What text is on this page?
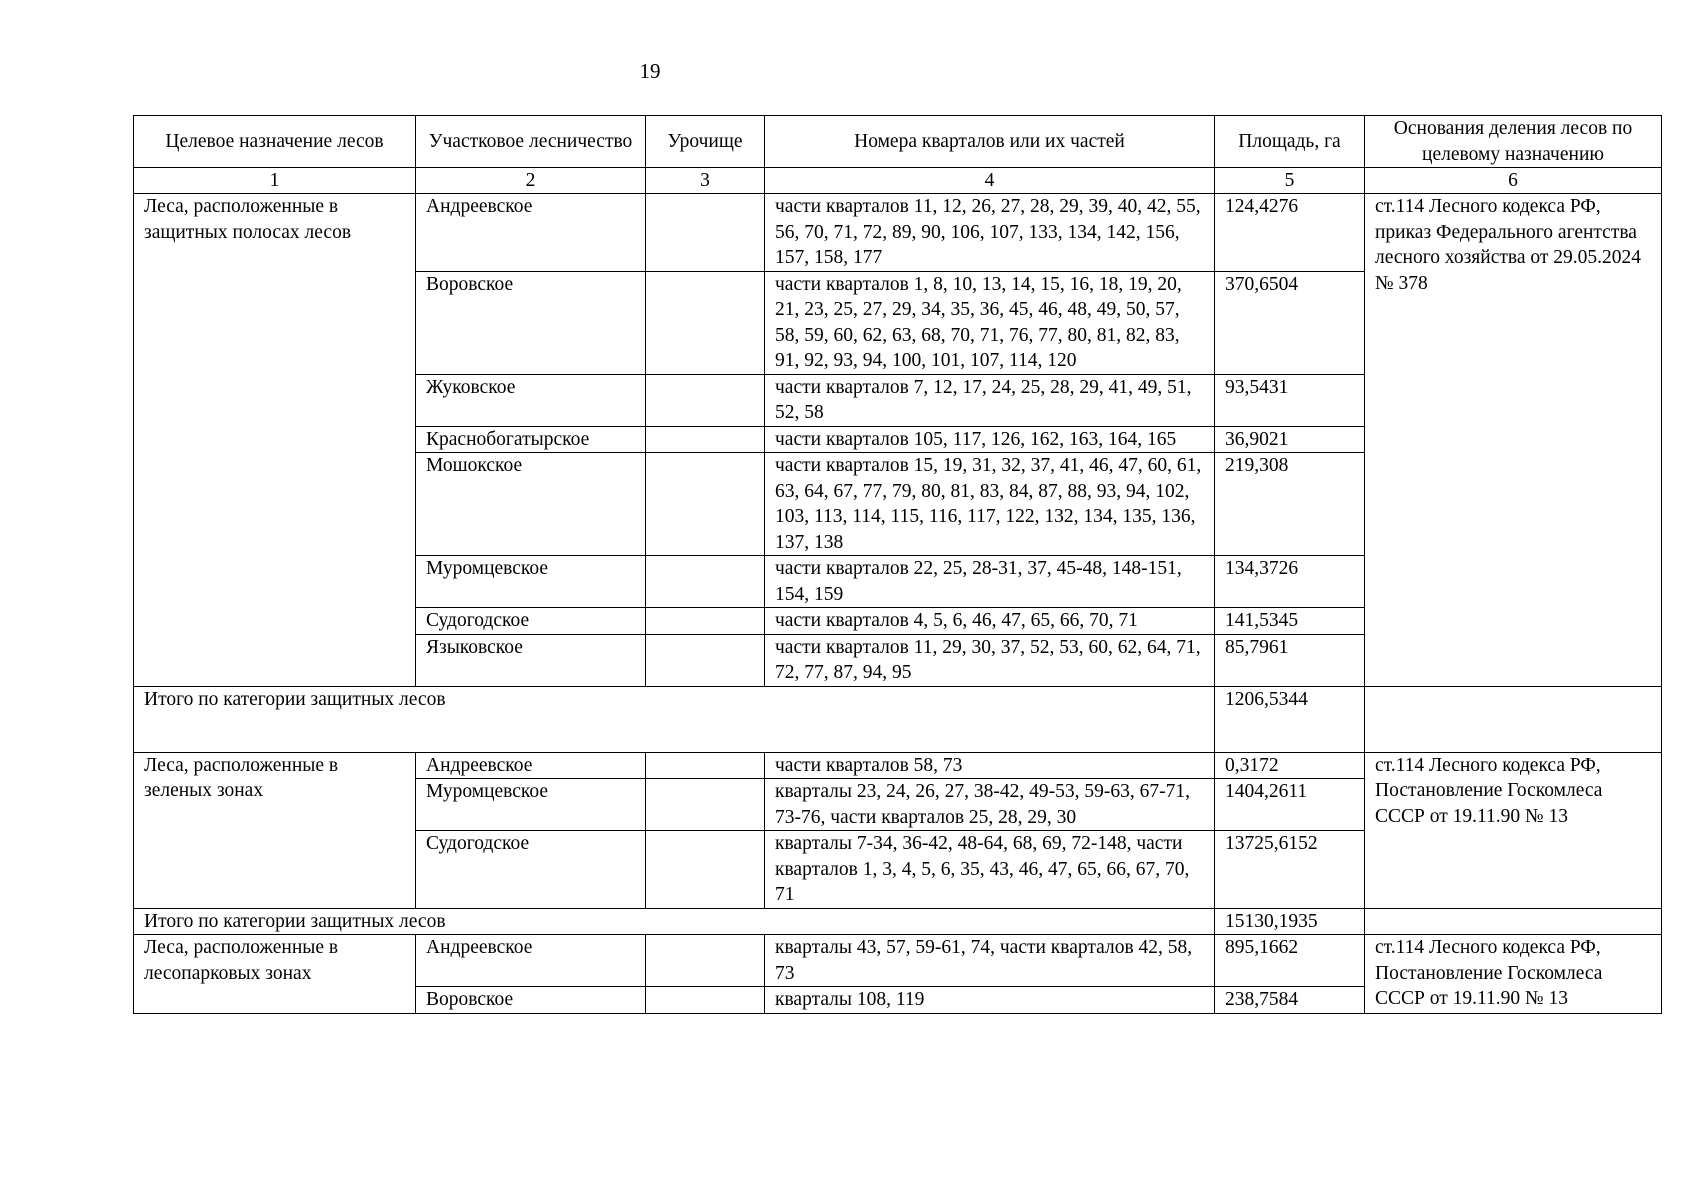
19
Целевое назначение лесов	Участковое лесничество	Урочище	Номера кварталов или их частей	Площадь, га	Основания деления лесов по целевому назначению
1	2	3	4	5	6
Леса, расположенные в защитных полосах лесов	Андреевское		части кварталов 11, 12, 26, 27, 28, 29, 39, 40, 42, 55, 56, 70, 71, 72, 89, 90, 106, 107, 133, 134, 142, 156, 157, 158, 177	124,4276	ст.114 Лесного кодекса РФ, приказ Федерального агентства лесного хозяйства от 29.05.2024 № 378
	Воровское		части кварталов 1, 8, 10, 13, 14, 15, 16, 18, 19, 20, 21, 23, 25, 27, 29, 34, 35, 36, 45, 46, 48, 49, 50, 57, 58, 59, 60, 62, 63, 68, 70, 71, 76, 77, 80, 81, 82, 83, 91, 92, 93, 94, 100, 101, 107, 114, 120	370,6504	
	Жуковское		части кварталов 7, 12, 17, 24, 25, 28, 29, 41, 49, 51, 52, 58	93,5431	
	Краснобогатырское		части кварталов 105, 117, 126, 162, 163, 164, 165	36,9021	
	Мошокское		части кварталов 15, 19, 31, 32, 37, 41, 46, 47, 60, 61, 63, 64, 67, 77, 79, 80, 81, 83, 84, 87, 88, 93, 94, 102, 103, 113, 114, 115, 116, 117, 122, 132, 134, 135, 136, 137, 138	219,308	
	Муромцевское		части кварталов 22, 25, 28-31, 37, 45-48, 148-151, 154, 159	134,3726	
	Судогодское		части кварталов 4, 5, 6, 46, 47, 65, 66, 70, 71	141,5345	
	Языковское		части кварталов 11, 29, 30, 37, 52, 53, 60, 62, 64, 71, 72, 77, 87, 94, 95	85,7961	
Итого по категории защитных лесов				1206,5344	
Леса, расположенные в зеленых зонах	Андреевское		части кварталов 58, 73	0,3172	ст.114 Лесного кодекса РФ, Постановление Госкомлеса СССР от 19.11.90 № 13
	Муромцевское		кварталы 23, 24, 26, 27, 38-42, 49-53, 59-63, 67-71, 73-76, части кварталов 25, 28, 29, 30	1404,2611	
	Судогодское		кварталы 7-34, 36-42, 48-64, 68, 69, 72-148, части кварталов 1, 3, 4, 5, 6, 35, 43, 46, 47, 65, 66, 67, 70, 71	13725,6152	
Итого по категории защитных лесов				15130,1935	
Леса, расположенные в лесопарковых зонах	Андреевское		кварталы 43, 57, 59-61, 74, части кварталов 42, 58, 73	895,1662	ст.114 Лесного кодекса РФ, Постановление Госкомлеса СССР от 19.11.90 № 13
	Воровское		кварталы 108, 119	238,7584	
